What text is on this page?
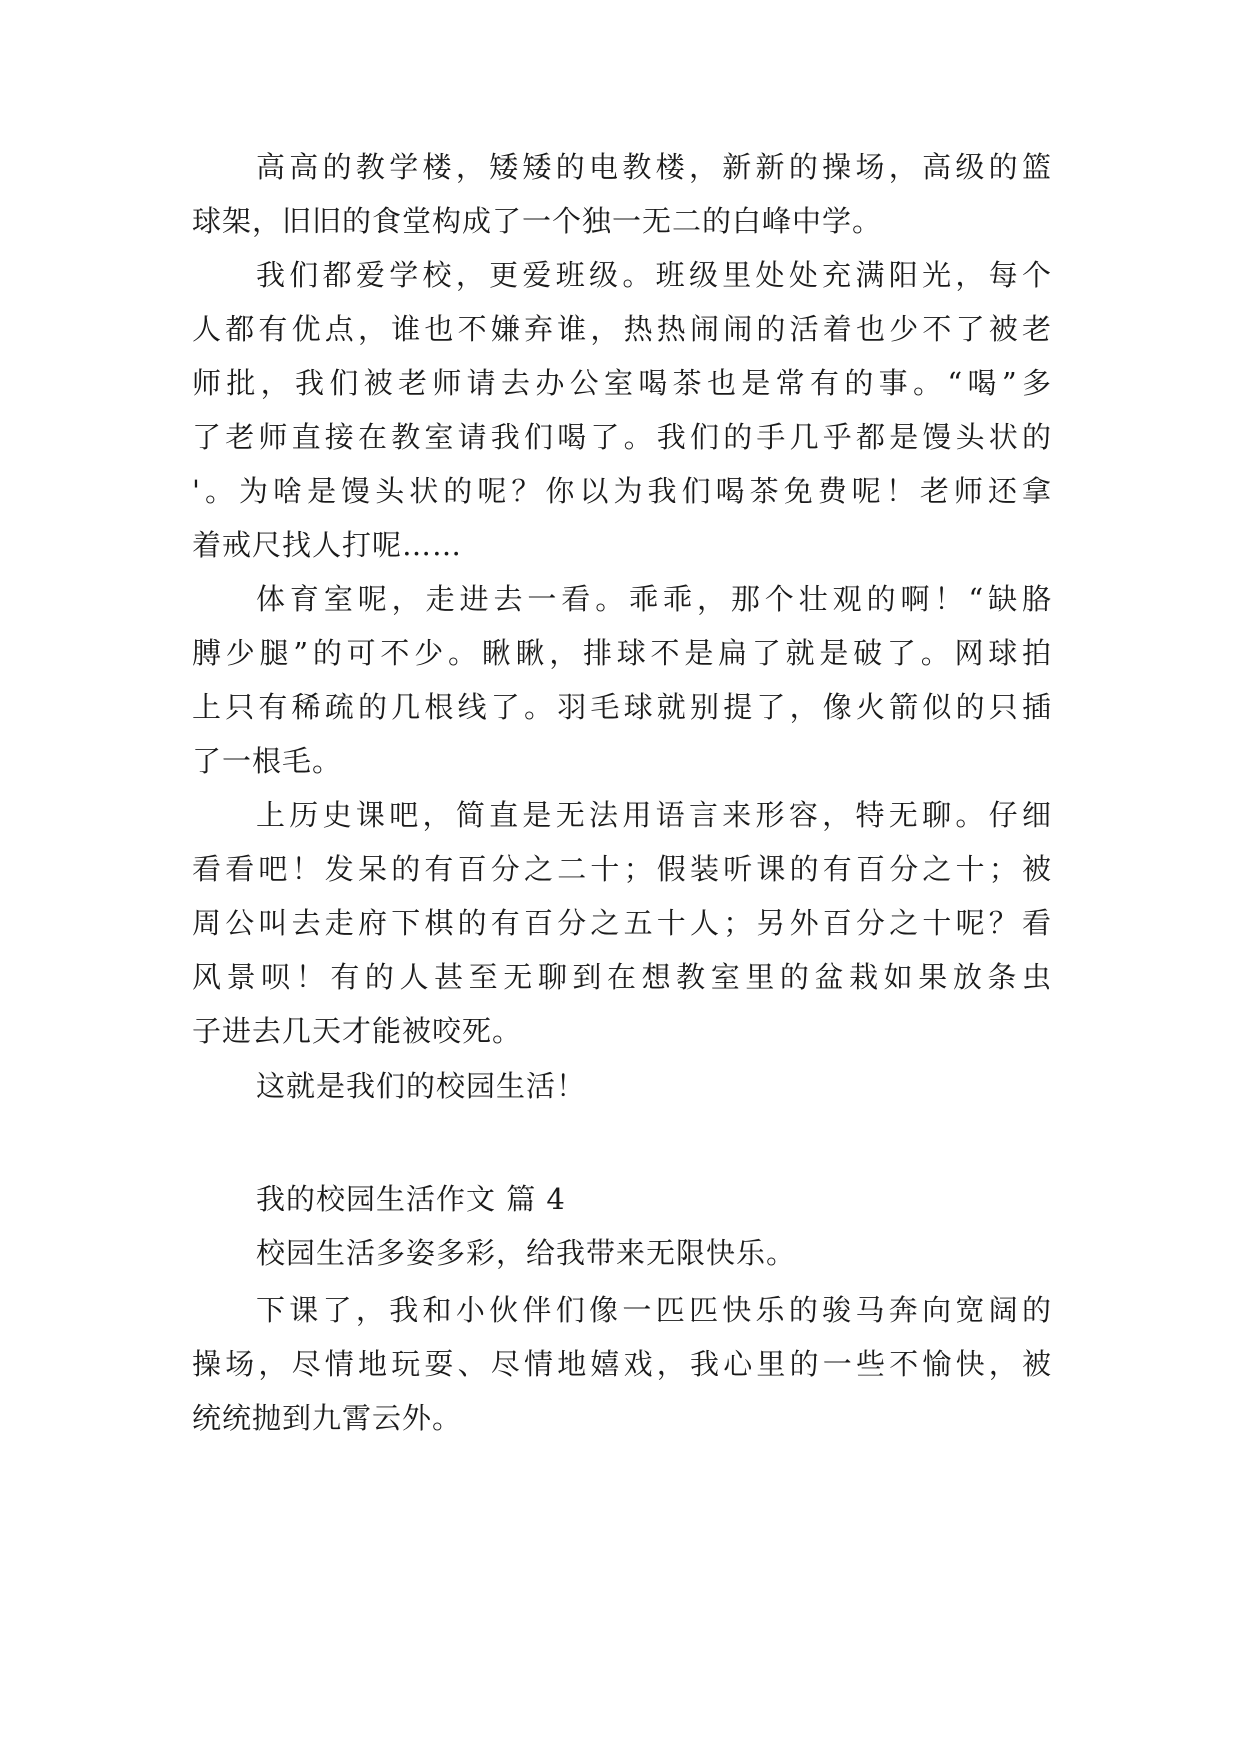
高高的教学楼，矮矮的电教楼，新新的操场，高级的篮
球架，旧旧的食堂构成了一个独一无二的白峰中学。
我们都爱学校，更爱班级。班级里处处充满阳光，每个
人都有优点，谁也不嫌弃谁，热热闹闹的活着也少不了被老
师批，我们被老师请去办公室喝茶也是常有的事。“喝”多
了老师直接在教室请我们喝了。我们的手几乎都是馒头状的
'。为啥是馒头状的呢？你以为我们喝茶免费呢！老师还拿
着戒尺找人打呢……
体育室呢，走进去一看。乖乖，那个壮观的啊！“缺胳
膊少腿”的可不少。瞅瞅，排球不是扁了就是破了。网球拍
上只有稀疏的几根线了。羽毛球就别提了，像火箭似的只插
了一根毛。
上历史课吧，简直是无法用语言来形容，特无聊。仔细
看看吧！发呆的有百分之二十；假装听课的有百分之十；被
周公叫去走府下棋的有百分之五十人；另外百分之十呢？看
风景呗！有的人甚至无聊到在想教室里的盆栽如果放条虫
子进去几天才能被咬死。
这就是我们的校园生活！
我的校园生活作文 篇 4
校园生活多姿多彩，给我带来无限快乐。
下课了，我和小伙伴们像一匹匹快乐的骏马奔向宽阔的
操场，尽情地玩耍、尽情地嬉戏，我心里的一些不愉快，被
统统抛到九霄云外。
